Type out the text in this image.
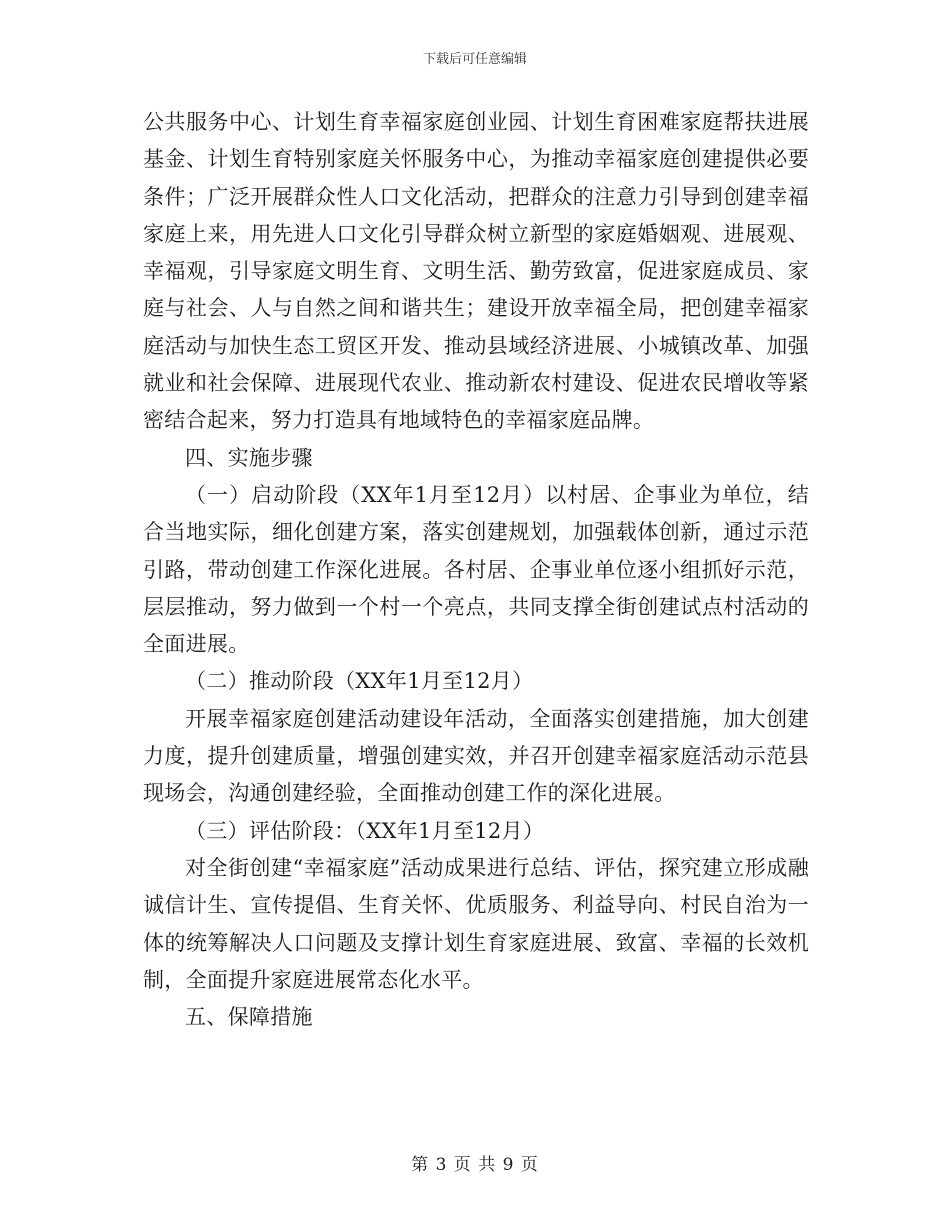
下载后可任意编辑

公共服务中心、计划生育幸福家庭创业园、计划生育困难家庭帮扶进展基金、计划生育特别家庭关怀服务中心，为推动幸福家庭创建提供必要条件；广泛开展群众性人口文化活动，把群众的注意力引导到创建幸福家庭上来，用先进人口文化引导群众树立新型的家庭婚姻观、进展观、幸福观，引导家庭文明生育、文明生活、勤劳致富，促进家庭成员、家庭与社会、人与自然之间和谐共生；建设开放幸福全局，把创建幸福家庭活动与加快生态工贸区开发、推动县域经济进展、小城镇改革、加强就业和社会保障、进展现代农业、推动新农村建设、促进农民增收等紧密结合起来，努力打造具有地域特色的幸福家庭品牌。

四、实施步骤

（一）启动阶段（XX年1月至12月）以村居、企事业为单位，结合当地实际，细化创建方案，落实创建规划，加强载体创新，通过示范引路，带动创建工作深化进展。各村居、企事业单位逐小组抓好示范，层层推动，努力做到一个村一个亮点，共同支撑全街创建试点村活动的全面进展。

（二）推动阶段（XX年1月至12月）

开展幸福家庭创建活动建设年活动，全面落实创建措施，加大创建力度，提升创建质量，增强创建实效，并召开创建幸福家庭活动示范县现场会，沟通创建经验，全面推动创建工作的深化进展。

（三）评估阶段：（XX年1月至12月）

对全街创建“幸福家庭”活动成果进行总结、评估，探究建立形成融诚信计生、宣传提倡、生育关怀、优质服务、利益导向、村民自治为一体的统筹解决人口问题及支撑计划生育家庭进展、致富、幸福的长效机制，全面提升家庭进展常态化水平。

五、保障措施

第 3 页 共 9 页
